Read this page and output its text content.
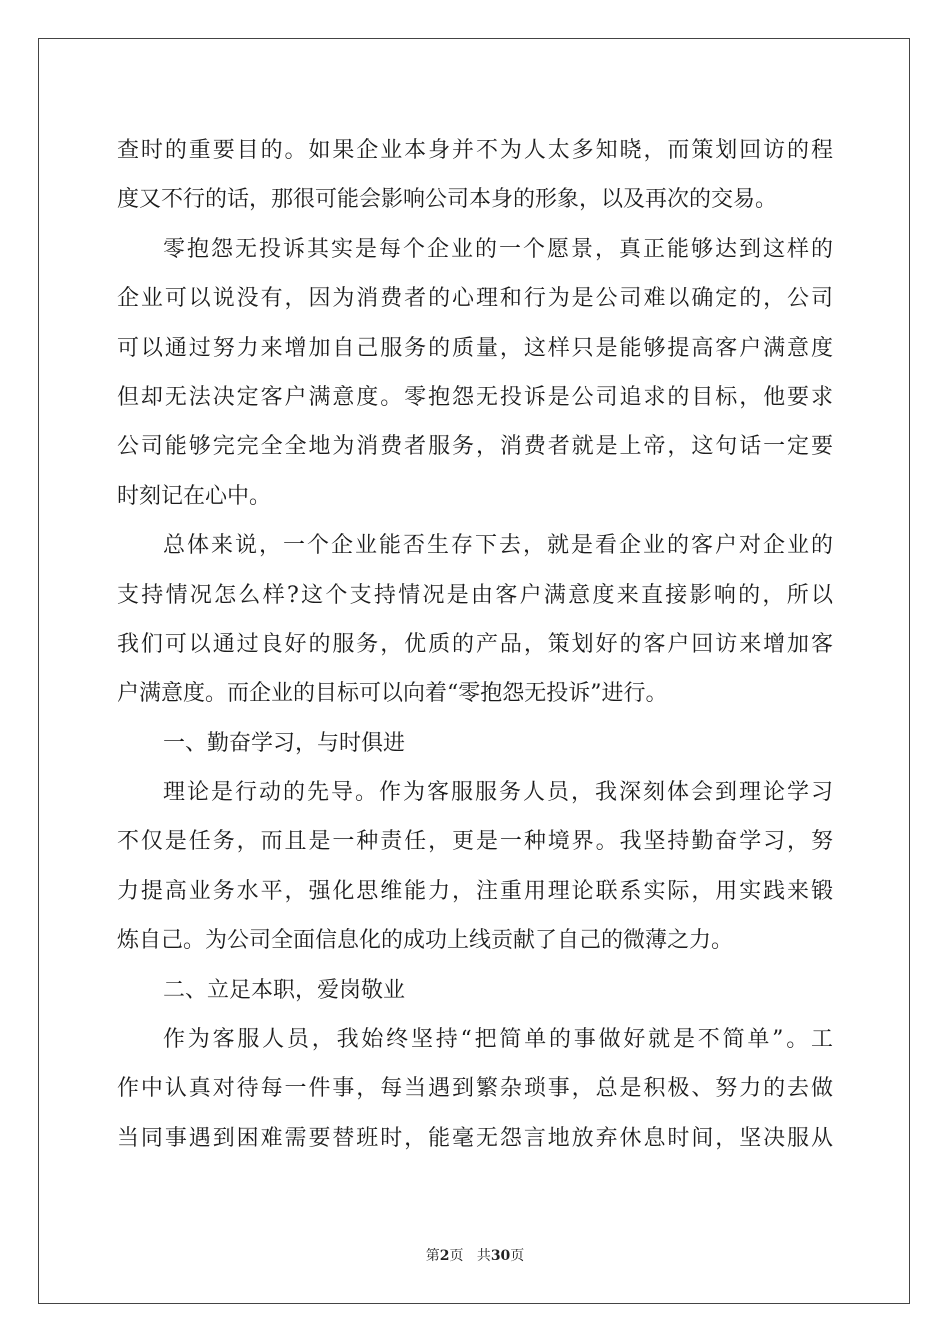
查时的重要目的。如果企业本身并不为人太多知晓，而策划回访的程
度又不行的话，那很可能会影响公司本身的形象，以及再次的交易。
零抱怨无投诉其实是每个企业的一个愿景，真正能够达到这样的
企业可以说没有，因为消费者的心理和行为是公司难以确定的，公司
可以通过努力来增加自己服务的质量，这样只是能够提高客户满意度
但却无法决定客户满意度。零抱怨无投诉是公司追求的目标，他要求
公司能够完完全全地为消费者服务，消费者就是上帝，这句话一定要
时刻记在心中。
总体来说，一个企业能否生存下去，就是看企业的客户对企业的
支持情况怎么样?这个支持情况是由客户满意度来直接影响的，所以
我们可以通过良好的服务，优质的产品，策划好的客户回访来增加客
户满意度。而企业的目标可以向着“零抱怨无投诉”进行。
一、勤奋学习，与时俱进
理论是行动的先导。作为客服服务人员，我深刻体会到理论学习
不仅是任务，而且是一种责任，更是一种境界。我坚持勤奋学习，努
力提高业务水平，强化思维能力，注重用理论联系实际，用实践来锻
炼自己。为公司全面信息化的成功上线贡献了自己的微薄之力。
二、立足本职，爱岗敬业
作为客服人员，我始终坚持“把简单的事做好就是不简单”。工
作中认真对待每一件事，每当遇到繁杂琐事，总是积极、努力的去做
当同事遇到困难需要替班时，能毫无怨言地放弃休息时间，坚决服从
第2页 共30页
